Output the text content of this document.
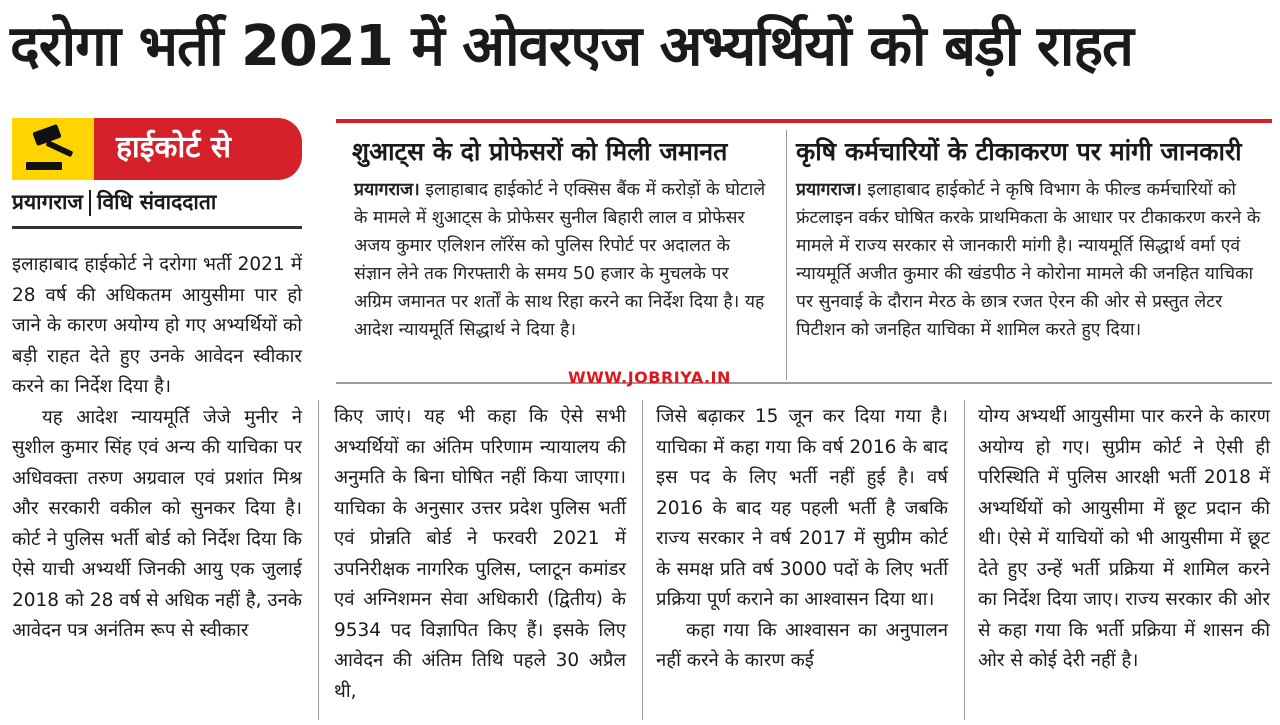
दरोगा भर्ती 2021 में ओवरएज अभ्यर्थियों को बड़ी राहत
हाईकोर्ट से
प्रयागराज विधि संवाददाता
शुआट्स के दो प्रोफेसरों को मिली जमानत
प्रयागराज। इलाहाबाद हाईकोर्ट ने एक्सिस बैंक में करोड़ों के घोटाले के मामले में शुआट्स के प्रोफेसर सुनील बिहारी लाल व प्रोफेसर अजय कुमार एलिशन लॉरेंस को पुलिस रिपोर्ट पर अदालत के संज्ञान लेने तक गिरफ्तारी के समय 50 हजार के मुचलके पर अग्रिम जमानत पर शर्तों के साथ रिहा करने का निर्देश दिया है। यह आदेश न्यायमूर्ति सिद्धार्थ ने दिया है।
कृषि कर्मचारियों के टीकाकरण पर मांगी जानकारी
प्रयागराज। इलाहाबाद हाईकोर्ट ने कृषि विभाग के फील्ड कर्मचारियों को फ्रंटलाइन वर्कर घोषित करके प्राथमिकता के आधार पर टीकाकरण करने के मामले में राज्य सरकार से जानकारी मांगी है। न्यायमूर्ति सिद्धार्थ वर्मा एवं न्यायमूर्ति अजीत कुमार की खंडपीठ ने कोरोना मामले की जनहित याचिका पर सुनवाई के दौरान मेरठ के छात्र रजत ऐरन की ओर से प्रस्तुत लेटर पिटीशन को जनहित याचिका में शामिल करते हुए दिया।
WWW.JOBRIYA.IN

इलाहाबाद हाईकोर्ट ने दरोगा भर्ती 2021 में 28 वर्ष की अधिकतम आयुसीमा पार हो जाने के कारण अयोग्य हो गए अभ्यर्थियों को बड़ी राहत देते हुए उनके आवेदन स्वीकार करने का निर्देश दिया है।

यह आदेश न्यायमूर्ति जेजे मुनीर ने सुशील कुमार सिंह एवं अन्य की याचिका पर अधिवक्ता तरुण अग्रवाल एवं प्रशांत मिश्र और सरकारी वकील को सुनकर दिया है। कोर्ट ने पुलिस भर्ती बोर्ड को निर्देश दिया कि ऐसे याची अभ्यर्थी जिनकी आयु एक जुलाई 2018 को 28 वर्ष से अधिक नहीं है, उनके आवेदन पत्र अनंतिम रूप से स्वीकार

किए जाएं। यह भी कहा कि ऐसे सभी अभ्यर्थियों का अंतिम परिणाम न्यायालय की अनुमति के बिना घोषित नहीं किया जाएगा। याचिका के अनुसार उत्तर प्रदेश पुलिस भर्ती एवं प्रोन्नति बोर्ड ने फरवरी 2021 में उपनिरीक्षक नागरिक पुलिस, प्लाटून कमांडर एवं अग्निशमन सेवा अधिकारी (द्वितीय) के 9534 पद विज्ञापित किए हैं। इसके लिए आवेदन की अंतिम तिथि पहले 30 अप्रैल थी,

जिसे बढ़ाकर 15 जून कर दिया गया है। याचिका में कहा गया कि वर्ष 2016 के बाद इस पद के लिए भर्ती नहीं हुई है। वर्ष 2016 के बाद यह पहली भर्ती है जबकि राज्य सरकार ने वर्ष 2017 में सुप्रीम कोर्ट के समक्ष प्रति वर्ष 3000 पदों के लिए भर्ती प्रक्रिया पूर्ण कराने का आश्वासन दिया था।

कहा गया कि आश्वासन का अनुपालन नहीं करने के कारण कई

योग्य अभ्यर्थी आयुसीमा पार करने के कारण अयोग्य हो गए। सुप्रीम कोर्ट ने ऐसी ही परिस्थिति में पुलिस आरक्षी भर्ती 2018 में अभ्यर्थियों को आयुसीमा में छूट प्रदान की थी। ऐसे में याचियों को भी आयुसीमा में छूट देते हुए उन्हें भर्ती प्रक्रिया में शामिल करने का निर्देश दिया जाए। राज्य सरकार की ओर से कहा गया कि भर्ती प्रक्रिया में शासन की ओर से कोई देरी नहीं है।
